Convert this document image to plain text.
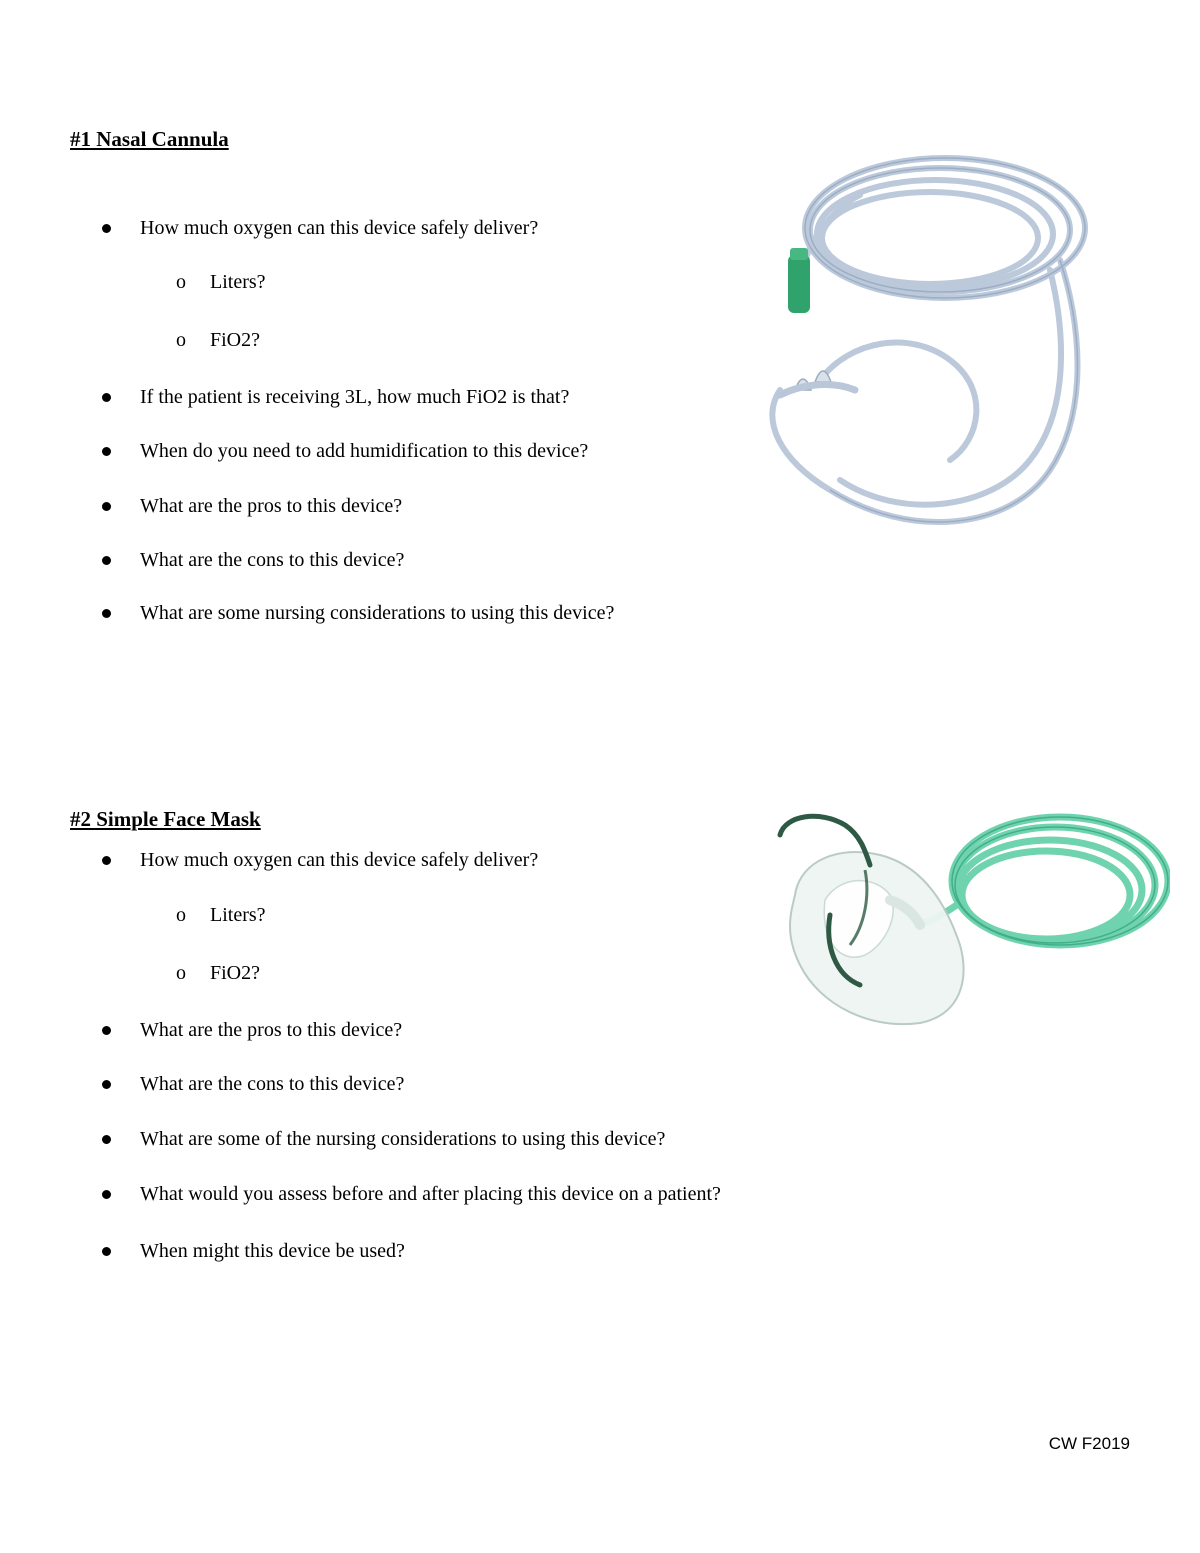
#1 Nasal Cannula

How much oxygen can this device safely deliver?
o Liters?
o FiO2?
If the patient is receiving 3L, how much FiO2 is that?
When do you need to add humidification to this device?
What are the pros to this device?
What are the cons to this device?
What are some nursing considerations to using this device?

#2 Simple Face Mask

How much oxygen can this device safely deliver?
o Liters?
o FiO2?
What are the pros to this device?
What are the cons to this device?
What are some of the nursing considerations to using this device?
What would you assess before and after placing this device on a patient?
When might this device be used?
CW F2019
